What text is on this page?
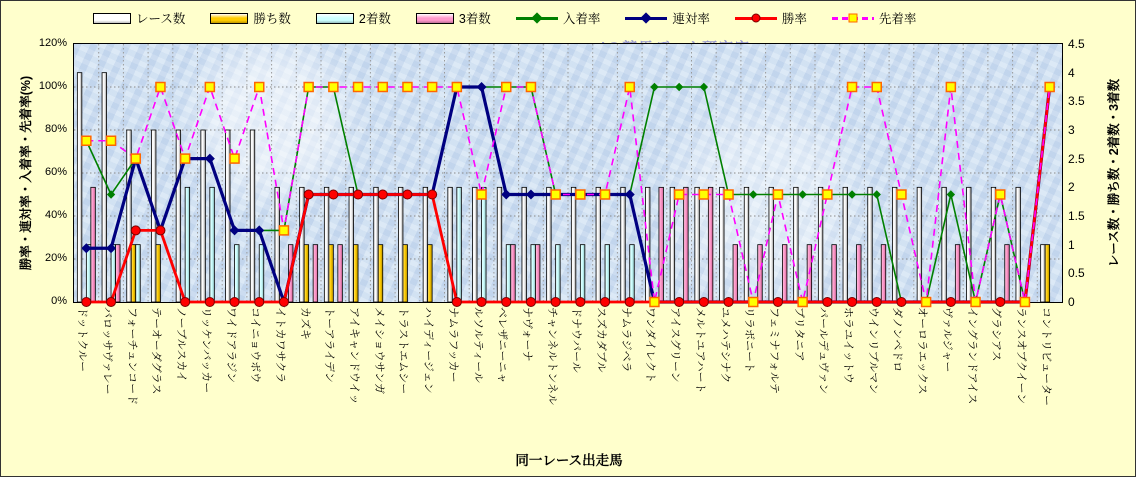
レース数	勝ち数	2着数	3着数	入着率	連対率	勝率	先着率
0%
20%
40%
60%
80%
100%
120%
0
0.5
1
1.5
2
2.5
3
3.5
4
4.5
ドットクルー バロッサヴァレー フォーチュンコード テーオーダグラス ノーブルスカイ リッケンバッカー ワイドアラジン コイニョウボウ イトカワサクラ カズキ トーアライデン アイキャンドウイッ メイショウサンガ トラストエムシー ハイディージェン ナムラフッカー ルソルティール ベレザニーニャ ナヴォーナ チャンネルトンネル ドナウパール スズカダブル ナムラジベラ ワンダイレクト アイスグリーン メルトユアハート ユメハテシナク リラボニート フェミナフォルテ ブリタニア パールデュヴァン ホラユイットウ ウインリブルマン ダノンペドロ オーロラエックス ヴァルジャー イングランドアイス グラシアス ランスオブクイーン コントリビューター
勝率・連対率・入着率・先着率(%)	レース数・勝ち数・2着数・3着数
同一レース出走馬
